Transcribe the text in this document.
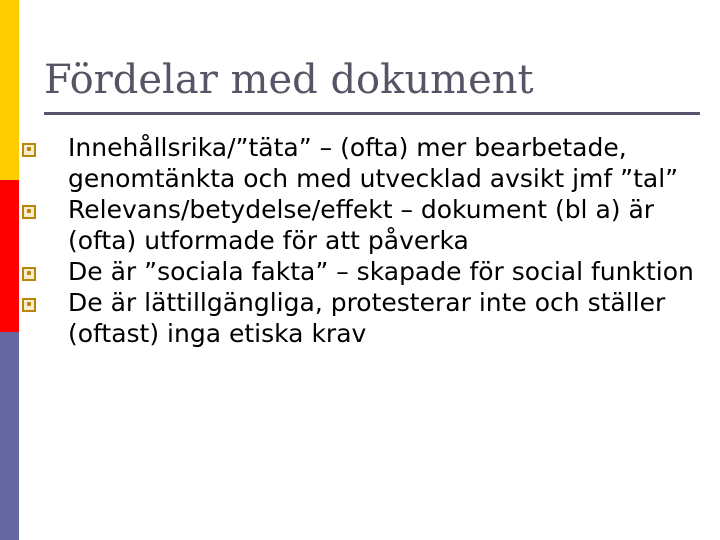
Fördelar med dokument
Innehållsrika/”täta” – (ofta) mer bearbetade, genomtänkta och med utvecklad avsikt jmf ”tal”
Relevans/betydelse/effekt – dokument (bl a) är (ofta) utformade för att påverka
De är ”sociala fakta” – skapade för social funktion
De är lättillgängliga, protesterar inte och ställer (oftast) inga etiska krav
